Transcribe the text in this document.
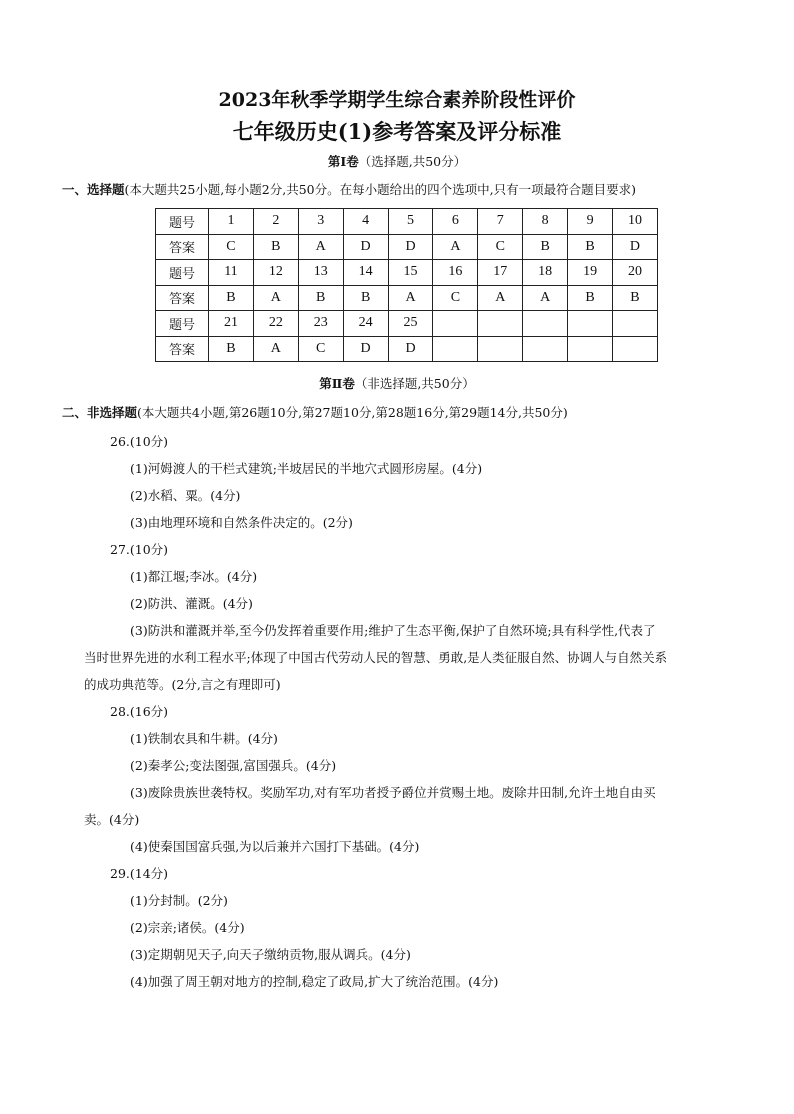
2023年秋季学期学生综合素养阶段性评价
七年级历史(1)参考答案及评分标准
第Ⅰ卷（选择题,共50分）
一、选择题(本大题共25小题,每小题2分,共50分。在每小题给出的四个选项中,只有一项最符合题目要求)
题号	1	2	3	4	5	6	7	8	9	10
答案	C	B	A	D	D	A	C	B	B	D
题号	11	12	13	14	15	16	17	18	19	20
答案	B	A	B	B	A	C	A	A	B	B
题号	21	22	23	24	25					
答案	B	A	C	D	D					
第Ⅱ卷（非选择题,共50分）
二、非选择题(本大题共4小题,第26题10分,第27题10分,第28题16分,第29题14分,共50分)
26.(10分)
(1)河姆渡人的干栏式建筑;半坡居民的半地穴式圆形房屋。(4分)
(2)水稻、粟。(4分)
(3)由地理环境和自然条件决定的。(2分)
27.(10分)
(1)都江堰;李冰。(4分)
(2)防洪、灌溉。(4分)
(3)防洪和灌溉并举,至今仍发挥着重要作用;维护了生态平衡,保护了自然环境;具有科学性,代表了
当时世界先进的水利工程水平;体现了中国古代劳动人民的智慧、勇敢,是人类征服自然、协调人与自然关系
的成功典范等。(2分,言之有理即可)
28.(16分)
(1)铁制农具和牛耕。(4分)
(2)秦孝公;变法图强,富国强兵。(4分)
(3)废除贵族世袭特权。奖励军功,对有军功者授予爵位并赏赐土地。废除井田制,允许土地自由买
卖。(4分)
(4)使秦国国富兵强,为以后兼并六国打下基础。(4分)
29.(14分)
(1)分封制。(2分)
(2)宗亲;诸侯。(4分)
(3)定期朝见天子,向天子缴纳贡物,服从调兵。(4分)
(4)加强了周王朝对地方的控制,稳定了政局,扩大了统治范围。(4分)
